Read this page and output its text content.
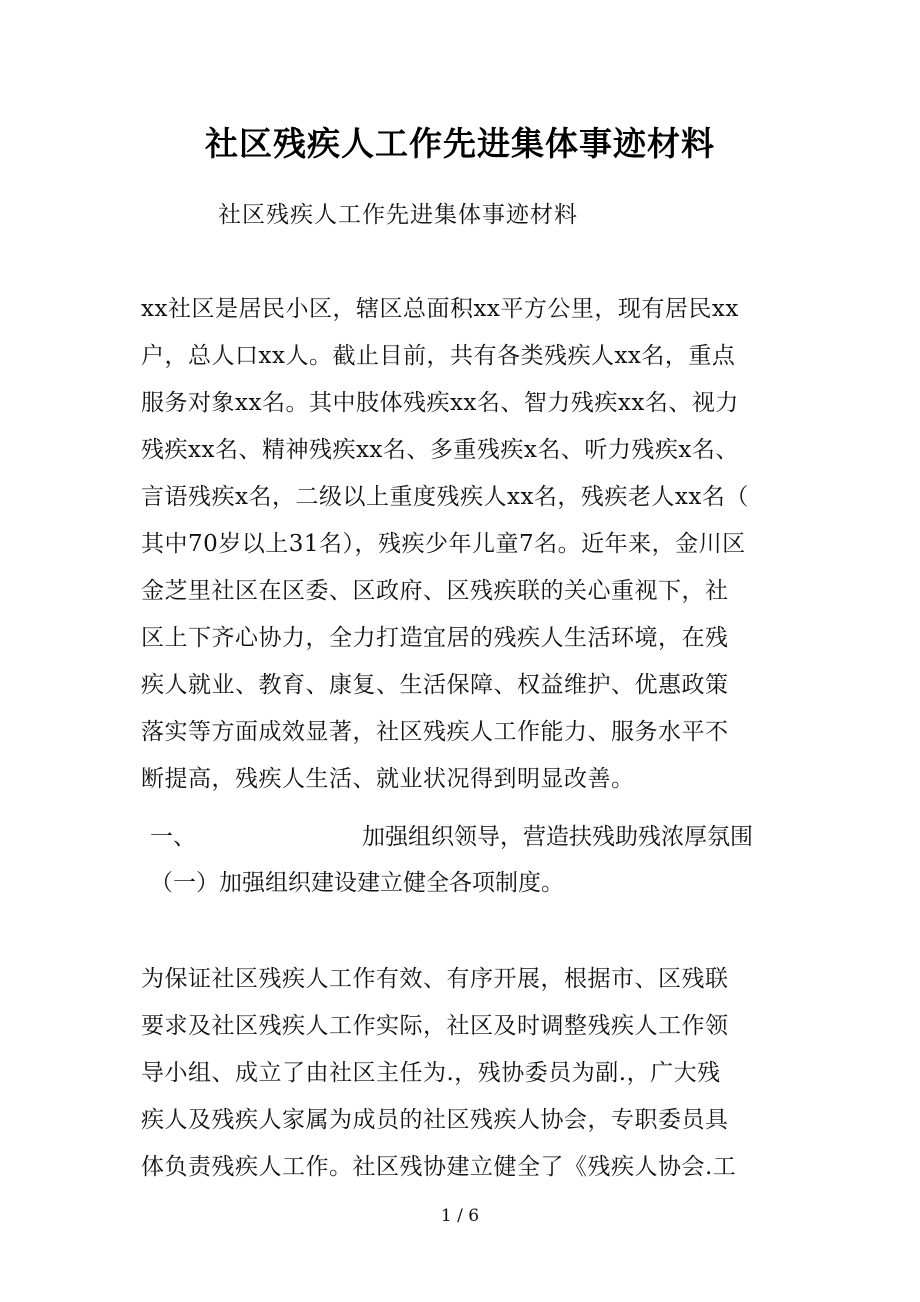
社区残疾人工作先进集体事迹材料
社区残疾人工作先进集体事迹材料
xx社区是居民小区，辖区总面积xx平方公里，现有居民xx
户，总人口xx人。截止目前，共有各类残疾人xx名，重点
服务对象xx名。其中肢体残疾xx名、智力残疾xx名、视力
残疾xx名、精神残疾xx名、多重残疾x名、听力残疾x名、
言语残疾x名，二级以上重度残疾人xx名，残疾老人xx名（
其中70岁以上31名），残疾少年儿童7名。近年来，金川区
金芝里社区在区委、区政府、区残疾联的关心重视下，社
区上下齐心协力，全力打造宜居的残疾人生活环境，在残
疾人就业、教育、康复、生活保障、权益维护、优惠政策
落实等方面成效显著，社区残疾人工作能力、服务水平不
断提高，残疾人生活、就业状况得到明显改善。
一、	加强组织领导，营造扶残助残浓厚氛围
（一）加强组织建设建立健全各项制度。
为保证社区残疾人工作有效、有序开展，根据市、区残联
要求及社区残疾人工作实际，社区及时调整残疾人工作领
导小组、成立了由社区主任为.，残协委员为副.，广大残
疾人及残疾人家属为成员的社区残疾人协会，专职委员具
体负责残疾人工作。社区残协建立健全了《残疾人协会.工
1 / 6
